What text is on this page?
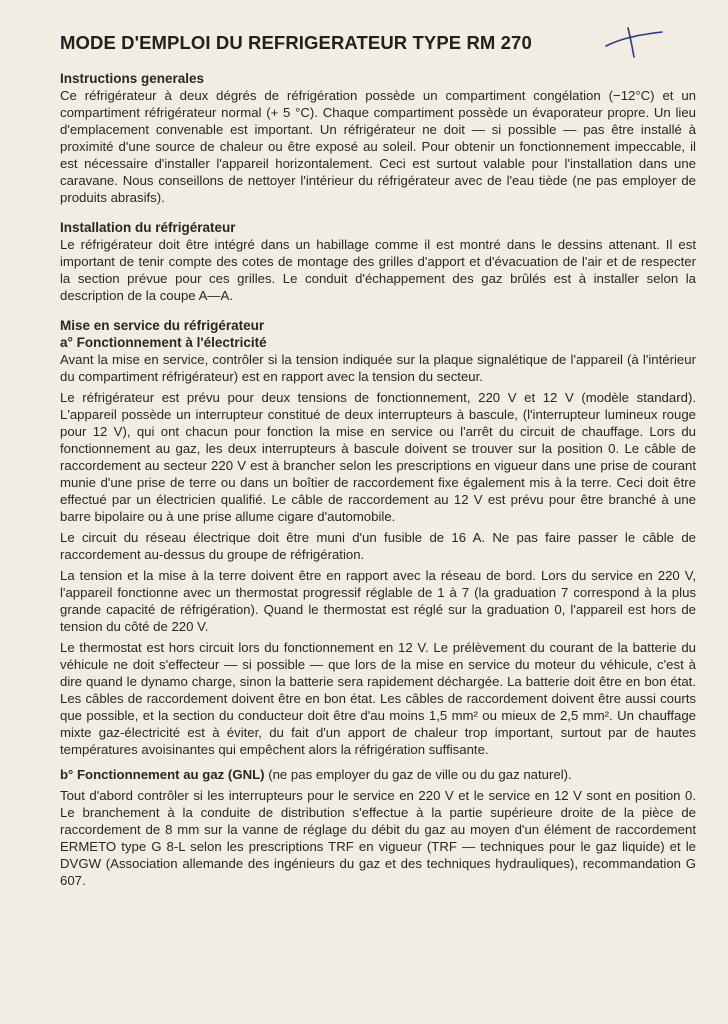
MODE D'EMPLOI DU REFRIGERATEUR TYPE RM 270
Instructions generales

Ce réfrigérateur à deux dégrés de réfrigération possède un compartiment congélation (−12°C) et un compartiment réfrigérateur normal (+ 5 °C). Chaque compartiment possède un évaporateur propre. Un lieu d'emplacement convenable est important. Un réfrigérateur ne doit — si possible — pas être installé à proximité d'une source de chaleur ou être exposé au soleil. Pour obtenir un fonctionnement impeccable, il est nécessaire d'installer l'appareil horizontalement. Ceci est surtout valable pour l'installation dans une caravane. Nous conseillons de nettoyer l'intérieur du réfrigérateur avec de l'eau tiède (ne pas employer de produits abrasifs).

Installation du réfrigérateur

Le réfrigérateur doit être intégré dans un habillage comme il est montré dans le dessins attenant. Il est important de tenir compte des cotes de montage des grilles d'apport et d'évacuation de l'air et de respecter la section prévue pour ces grilles. Le conduit d'échappement des gaz brûlés est à installer selon la description de la coupe A—A.

Mise en service du réfrigérateur
a° Fonctionnement à l'électricité

Avant la mise en service, contrôler si la tension indiquée sur la plaque signalétique de l'appareil (à l'intérieur du compartiment réfrigérateur) est en rapport avec la tension du secteur.

Le réfrigérateur est prévu pour deux tensions de fonctionnement, 220 V et 12 V (modèle standard). L'appareil possède un interrupteur constitué de deux interrupteurs à bascule, (l'interrupteur lumineux rouge pour 12 V), qui ont chacun pour fonction la mise en service ou l'arrêt du circuit de chauffage. Lors du fonctionnement au gaz, les deux interrupteurs à bascule doivent se trouver sur la position 0. Le câble de raccordement au secteur 220 V est à brancher selon les prescriptions en vigueur dans une prise de courant munie d'une prise de terre ou dans un boîtier de raccordement fixe également mis à la terre. Ceci doit être effectué par un électricien qualifié. Le câble de raccordement au 12 V est prévu pour être branché à une barre bipolaire ou à une prise allume cigare d'automobile.

Le circuit du réseau électrique doit être muni d'un fusible de 16 A. Ne pas faire passer le câble de raccordement au-dessus du groupe de réfrigération.

La tension et la mise à la terre doivent être en rapport avec la réseau de bord. Lors du service en 220 V, l'appareil fonctionne avec un thermostat progressif réglable de 1 à 7 (la graduation 7 correspond à la plus grande capacité de réfrigération). Quand le thermostat est réglé sur la graduation 0, l'appareil est hors de tension du côté de 220 V.

Le thermostat est hors circuit lors du fonctionnement en 12 V. Le prélèvement du courant de la batterie du véhicule ne doit s'effecteur — si possible — que lors de la mise en service du moteur du véhicule, c'est à dire quand le dynamo charge, sinon la batterie sera rapidement déchargée. La batterie doit être en bon état. Les câbles de raccordement doivent être en bon état. Les câbles de raccordement doivent être aussi courts que possible, et la section du conducteur doit être d'au moins 1,5 mm² ou mieux de 2,5 mm². Un chauffage mixte gaz-électricité est à éviter, du fait d'un apport de chaleur trop important, surtout par de hautes températures avoisinantes qui empêchent alors la réfrigération suffisante.

b° Fonctionnement au gaz (GNL) (ne pas employer du gaz de ville ou du gaz naturel).

Tout d'abord contrôler si les interrupteurs pour le service en 220 V et le service en 12 V sont en position 0. Le branchement à la conduite de distribution s'effectue à la partie supérieure droite de la pièce de raccordement de 8 mm sur la vanne de réglage du débit du gaz au moyen d'un élément de raccordement ERMETO type G 8-L selon les prescriptions TRF en vigueur (TRF — techniques pour le gaz liquide) et le DVGW (Association allemande des ingénieurs du gaz et des techniques hydrauliques), recommandation G 607.
